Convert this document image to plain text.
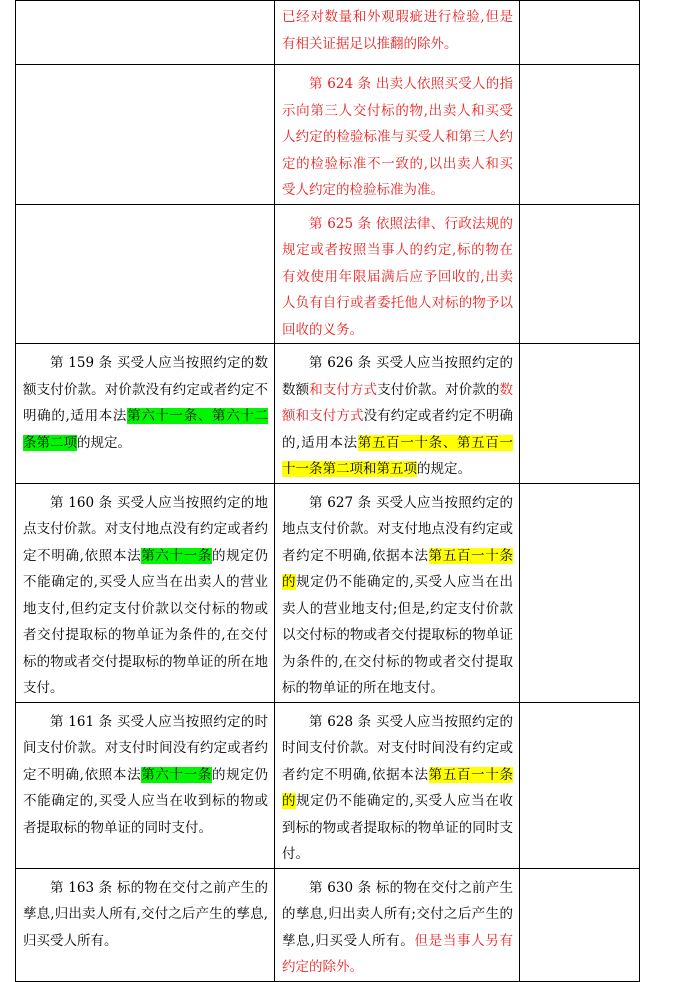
	已经对数量和外观瑕疵进行检验,但是有相关证据足以推翻的除外。	
	第 624 条 出卖人依照买受人的指示向第三人交付标的物,出卖人和买受人约定的检验标准与买受人和第三人约定的检验标准不一致的,以出卖人和买受人约定的检验标准为准。	
	第 625 条 依照法律、行政法规的规定或者按照当事人的约定,标的物在有效使用年限届满后应予回收的,出卖人负有自行或者委托他人对标的物予以回收的义务。	
第 159 条 买受人应当按照约定的数额支付价款。对价款没有约定或者约定不明确的,适用本法第六十一条、第六十二条第二项的规定。	第 626 条 买受人应当按照约定的数额和支付方式支付价款。对价款的数额和支付方式没有约定或者约定不明确的,适用本法第五百一十条、第五百一十一条第二项和第五项的规定。	
第 160 条 买受人应当按照约定的地点支付价款。对支付地点没有约定或者约定不明确,依照本法第六十一条的规定仍不能确定的,买受人应当在出卖人的营业地支付,但约定支付价款以交付标的物或者交付提取标的物单证为条件的,在交付标的物或者交付提取标的物单证的所在地支付。	第 627 条 买受人应当按照约定的地点支付价款。对支付地点没有约定或者约定不明确,依据本法第五百一十条的规定仍不能确定的,买受人应当在出卖人的营业地支付;但是,约定支付价款以交付标的物或者交付提取标的物单证为条件的,在交付标的物或者交付提取标的物单证的所在地支付。	
第 161 条 买受人应当按照约定的时间支付价款。对支付时间没有约定或者约定不明确,依照本法第六十一条的规定仍不能确定的,买受人应当在收到标的物或者提取标的物单证的同时支付。	第 628 条 买受人应当按照约定的时间支付价款。对支付时间没有约定或者约定不明确,依据本法第五百一十条的规定仍不能确定的,买受人应当在收到标的物或者提取标的物单证的同时支付。	
第 163 条 标的物在交付之前产生的孳息,归出卖人所有,交付之后产生的孳息,归买受人所有。	第 630 条 标的物在交付之前产生的孳息,归出卖人所有;交付之后产生的孳息,归买受人所有。但是当事人另有约定的除外。	
